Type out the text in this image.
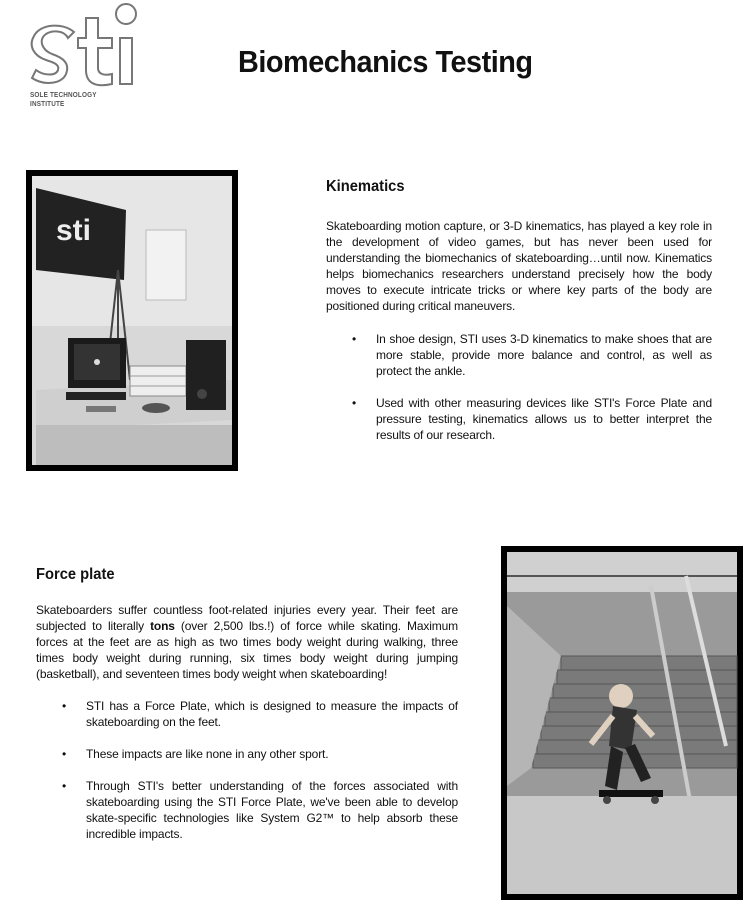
SOLE TECHNOLOGY INSTITUTE
Biomechanics Testing
sti
Kinematics

Skateboarding motion capture, or 3-D kinematics, has played a key role in the development of video games, but has never been used for understanding the biomechanics of skateboarding…until now. Kinematics helps biomechanics researchers understand precisely how the body moves to execute intricate tricks or where key parts of the body are positioned during critical maneuvers.

• In shoe design, STI uses 3-D kinematics to make shoes that are more stable, provide more balance and control, as well as protect the ankle.
• Used with other measuring devices like STI's Force Plate and pressure testing, kinematics allows us to better interpret the results of our research.
Force plate

Skateboarders suffer countless foot-related injuries every year. Their feet are subjected to literally tons (over 2,500 lbs.!) of force while skating. Maximum forces at the feet are as high as two times body weight during walking, three times body weight during running, six times body weight during jumping (basketball), and seventeen times body weight when skateboarding!

• STI has a Force Plate, which is designed to measure the impacts of skateboarding on the feet.
• These impacts are like none in any other sport.
• Through STI's better understanding of the forces associated with skateboarding using the STI Force Plate, we've been able to develop skate-specific technologies like System G2™ to help absorb these incredible impacts.
